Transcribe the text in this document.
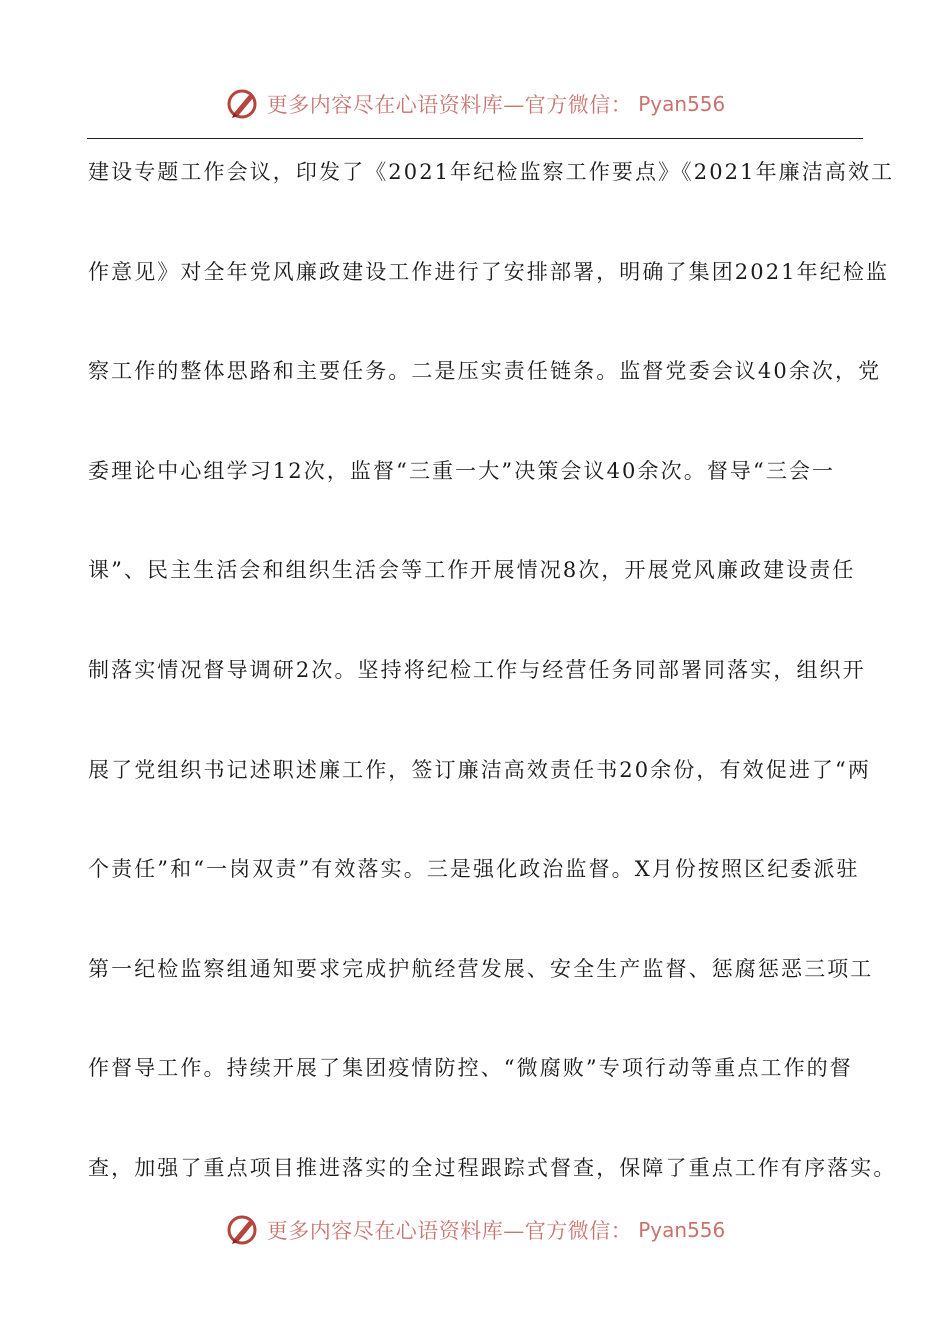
更多内容尽在心语资料库—官方微信： Pyan556
建设专题工作会议，印发了《2021年纪检监察工作要点》《2021年廉洁高效工
作意见》对全年党风廉政建设工作进行了安排部署，明确了集团2021年纪检监
察工作的整体思路和主要任务。二是压实责任链条。监督党委会议40余次，党
委理论中心组学习12次，监督“三重一大”决策会议40余次。督导“三会一
课”、民主生活会和组织生活会等工作开展情况8次，开展党风廉政建设责任
制落实情况督导调研2次。坚持将纪检工作与经营任务同部署同落实，组织开
展了党组织书记述职述廉工作，签订廉洁高效责任书20余份，有效促进了“两
个责任”和“一岗双责”有效落实。三是强化政治监督。X月份按照区纪委派驻
第一纪检监察组通知要求完成护航经营发展、安全生产监督、惩腐惩恶三项工
作督导工作。持续开展了集团疫情防控、“微腐败”专项行动等重点工作的督
查，加强了重点项目推进落实的全过程跟踪式督查，保障了重点工作有序落实。
更多内容尽在心语资料库—官方微信： Pyan556
